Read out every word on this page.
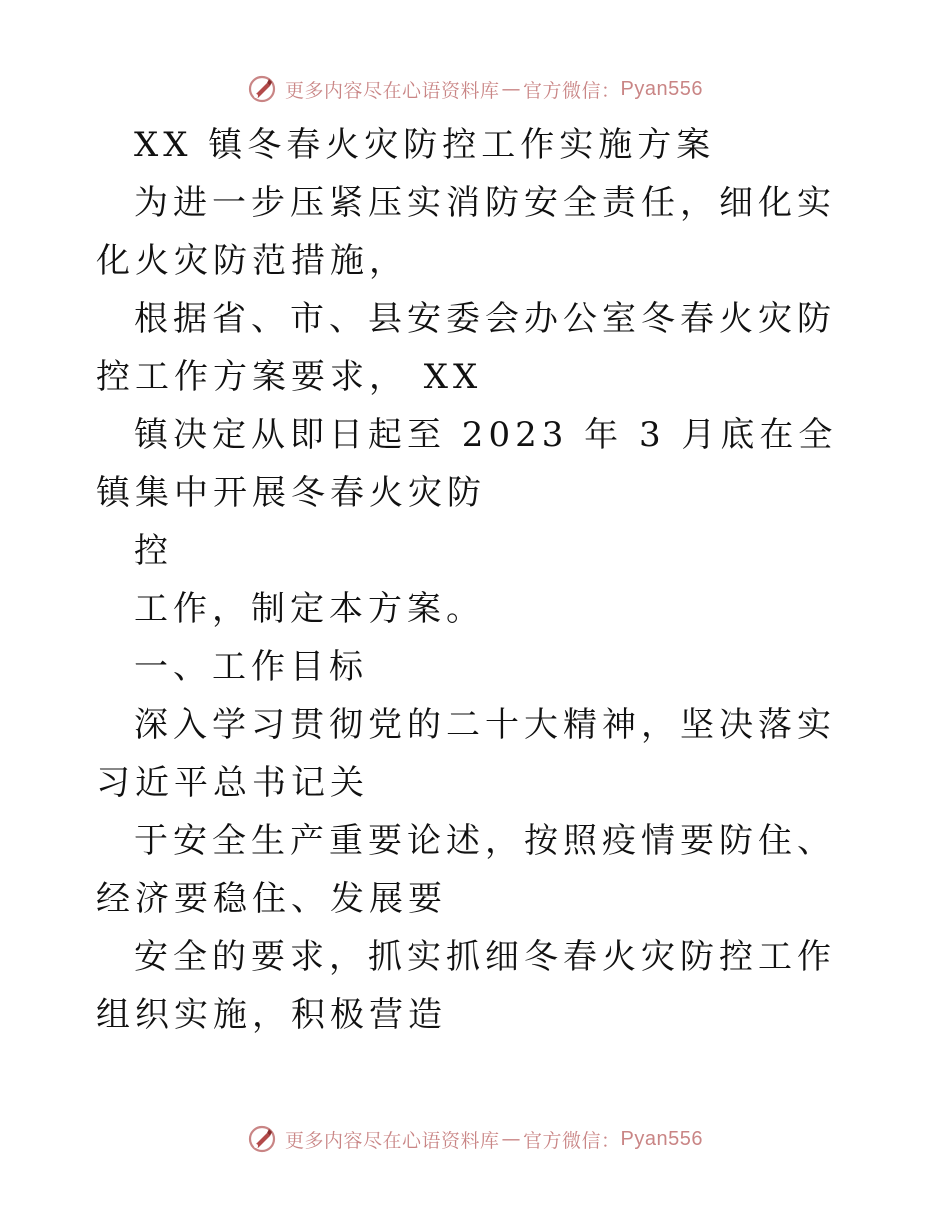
更多内容尽在心语资料库 — 官方微信： Pyan556

XX 镇冬春火灾防控工作实施方案

为进一步压紧压实消防安全责任，细化实化火灾防范措施，

根据省、市、县安委会办公室冬春火灾防控工作方案要求， XX

镇决定从即日起至 2023 年 3 月底在全镇集中开展冬春火灾防

控

工作，制定本方案。

一、工作目标

深入学习贯彻党的二十大精神，坚决落实习近平总书记关

于安全生产重要论述，按照疫情要防住、经济要稳住、发展要

安全的要求，抓实抓细冬春火灾防控工作组织实施，积极营造

更多内容尽在心语资料库 — 官方微信： Pyan556
